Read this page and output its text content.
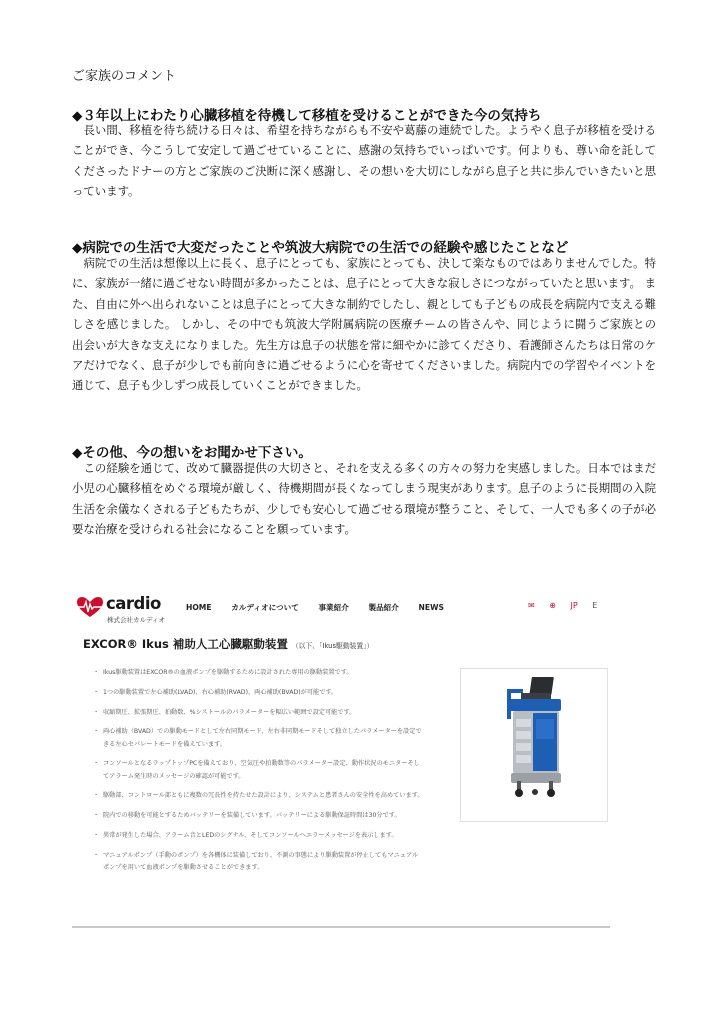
ご家族のコメント
◆３年以上にわたり心臓移植を待機して移植を受けることができた今の気持ち
　長い間、移植を待ち続ける日々は、希望を持ちながらも不安や葛藤の連続でした。ようやく息子が移植を受けることができ、今こうして安定して過ごせていることに、感謝の気持ちでいっぱいです。何よりも、尊い命を託してくださったドナーの方とご家族のご決断に深く感謝し、その想いを大切にしながら息子と共に歩んでいきたいと思っています。
◆病院での生活で大変だったことや筑波大病院での生活での経験や感じたことなど
　病院での生活は想像以上に長く、息子にとっても、家族にとっても、決して楽なものではありませんでした。特に、家族が一緒に過ごせない時間が多かったことは、息子にとって大きな寂しさにつながっていたと思います。 また、自由に外へ出られないことは息子にとって大きな制約でしたし、親としても子どもの成長を病院内で支える難しさを感じました。 しかし、その中でも筑波大学附属病院の医療チームの皆さんや、同じように闘うご家族との出会いが大きな支えになりました。先生方は息子の状態を常に細やかに診てくださり、看護師さんたちは日常のケアだけでなく、息子が少しでも前向きに過ごせるように心を寄せてくださいました。病院内での学習やイベントを通じて、息子も少しずつ成長していくことができました。
◆その他、今の想いをお聞かせ下さい。
　この経験を通じて、改めて臓器提供の大切さと、それを支える多くの方々の努力を実感しました。日本ではまだ小児の心臓移植をめぐる環境が厳しく、待機期間が長くなってしまう現実があります。息子のように長期間の入院生活を余儀なくされる子どもたちが、少しでも安心して過ごせる環境が整うこと、そして、一人でも多くの子が必要な治療を受けられる社会になることを願っています。
cardio
株式会社カルディオ
HOME	カルディオについて	事業紹介	製品紹介	NEWS	✉ ⊕ JP E
EXCOR® Ikus 補助人工心臓駆動装置 （以下、「Ikus駆動装置」）
・ Ikus駆動装置はEXCOR®の血液ポンプを駆動するために設計された専用の駆動装置です。
・ 1つの駆動装置で左心補助(LVAD)、右心補助(RVAD)、両心補助(BVAD)が可能です。
・ 収縮期圧、拡張期圧、拍動数、%シストールのパラメーターを幅広い範囲で設定可能です。
・ 両心補助（BVAD）での駆動モードとして左右同期モード、左右非同期モードそして独立したパラメーターを設定できる左心セパレートモードを備えています。
・ コンソールとなるラップトップPCを備えており、空気圧や拍動数等のパラメーター設定、動作状況のモニターそしてアラーム発生時のメッセージの確認が可能です。
・ 駆動部、コントロール部ともに複数の冗長性を持たせた設計により、システムと患者さんの安全性を高めています。
・ 院内での移動を可能とするためバッテリーを装備しています。バッテリーによる駆動保証時間は30分です。
・ 異常が発生した場合、アラーム音とLEDのシグナル、そしてコンソールへエラーメッセージを表示します。
・ マニュアルポンプ（手動のポンプ）を各機体に装備しており、不測の事態により駆動装置が停止してもマニュアルポンプを用いて血液ポンプを駆動させることができます。
